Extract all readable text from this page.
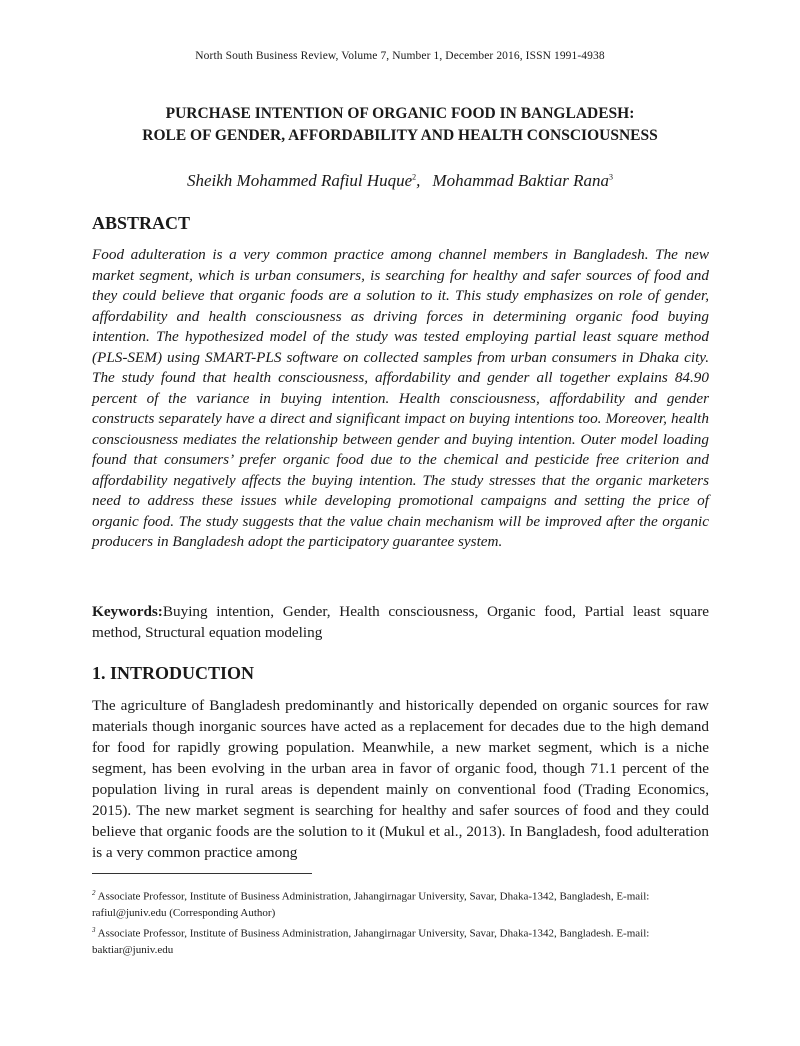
North South Business Review, Volume 7, Number 1, December 2016, ISSN 1991-4938
PURCHASE INTENTION OF ORGANIC FOOD IN BANGLADESH:
ROLE OF GENDER, AFFORDABILITY AND HEALTH CONSCIOUSNESS
Sheikh Mohammed Rafiul Huque$^2$, Mohammad Baktiar Rana$^3$
ABSTRACT

Food adulteration is a very common practice among channel members in Bangladesh. The new market segment, which is urban consumers, is searching for healthy and safer sources of food and they could believe that organic foods are a solution to it. This study emphasizes on role of gender, affordability and health consciousness as driving forces in determining organic food buying intention. The hypothesized model of the study was tested employing partial least square method (PLS-SEM) using SMART-PLS software on collected samples from urban consumers in Dhaka city. The study found that health consciousness, affordability and gender all together explains 84.90 percent of the variance in buying intention. Health consciousness, affordability and gender constructs separately have a direct and significant impact on buying intentions too. Moreover, health consciousness mediates the relationship between gender and buying intention. Outer model loading found that consumers’ prefer organic food due to the chemical and pesticide free criterion and affordability negatively affects the buying intention. The study stresses that the organic marketers need to address these issues while developing promotional campaigns and setting the price of organic food. The study suggests that the value chain mechanism will be improved after the organic producers in Bangladesh adopt the participatory guarantee system.

Keywords:Buying intention, Gender, Health consciousness, Organic food, Partial least square method, Structural equation modeling

1. INTRODUCTION

The agriculture of Bangladesh predominantly and historically depended on organic sources for raw materials though inorganic sources have acted as a replacement for decades due to the high demand for food for rapidly growing population. Meanwhile, a new market segment, which is a niche segment, has been evolving in the urban area in favor of organic food, though 71.1 percent of the population living in rural areas is dependent mainly on conventional food (Trading Economics, 2015). The new market segment is searching for healthy and safer sources of food and they could believe that organic foods are the solution to it (Mukul et al., 2013). In Bangladesh, food adulteration is a very common practice among

$^2$ Associate Professor, Institute of Business Administration, Jahangirnagar University, Savar, Dhaka-1342, Bangladesh, E-mail: rafiul@juniv.edu (Corresponding Author)

$^3$ Associate Professor, Institute of Business Administration, Jahangirnagar University, Savar, Dhaka-1342, Bangladesh. E-mail: baktiar@juniv.edu
